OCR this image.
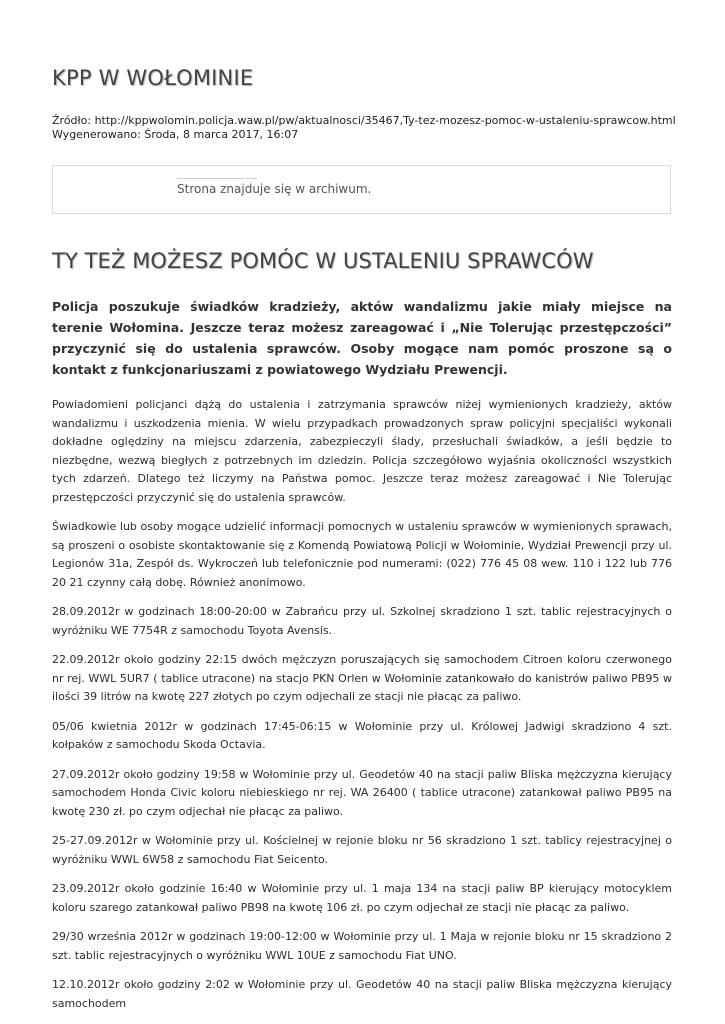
KPP W WOŁOMINIE
Źródło: http://kppwolomin.policja.waw.pl/pw/aktualnosci/35467,Ty-tez-mozesz-pomoc-w-ustaleniu-sprawcow.html
Wygenerowano: Środa, 8 marca 2017, 16:07
Strona znajduje się w archiwum.
TY TEŻ MOŻESZ POMÓC W USTALENIU SPRAWCÓW

Policja poszukuje świadków kradzieży, aktów wandalizmu jakie miały miejsce na terenie Wołomina. Jeszcze teraz możesz zareagować i „Nie Tolerując przestępczości” przyczynić się do ustalenia sprawców. Osoby mogące nam pomóc proszone są o kontakt z funkcjonariuszami z powiatowego Wydziału Prewencji.

Powiadomieni policjanci dążą do ustalenia i zatrzymania sprawców niżej wymienionych kradzieży, aktów wandalizmu i uszkodzenia mienia. W wielu przypadkach prowadzonych spraw policyjni specjaliści wykonali dokładne oględziny na miejscu zdarzenia, zabezpieczyli ślady, przesłuchali świadków, a jeśli będzie to niezbędne, wezwą biegłych z potrzebnych im dziedzin. Policja szczegółowo wyjaśnia okoliczności wszystkich tych zdarzeń. Dlatego też liczymy na Państwa pomoc. Jeszcze teraz możesz zareagować i Nie Tolerując przestępczości przyczynić się do ustalenia sprawców.

Świadkowie lub osoby mogące udzielić informacji pomocnych w ustaleniu sprawców w wymienionych sprawach, są proszeni o osobiste skontaktowanie się z Komendą Powiatową Policji w Wołominie, Wydział Prewencji przy ul. Legionów 31a, Zespół ds. Wykroczeń lub telefonicznie pod numerami: (022) 776 45 08 wew. 110 i 122 lub 776 20 21 czynny całą dobę. Również anonimowo.

28.09.2012r w godzinach 18:00-20:00 w Zabrańcu przy ul. Szkolnej skradziono 1 szt. tablic rejestracyjnych o wyróżniku WE 7754R z samochodu Toyota Avensis.

22.09.2012r około godziny 22:15 dwóch mężczyzn poruszających się samochodem Citroen koloru czerwonego nr rej. WWL 5UR7 ( tablice utracone) na stacjo PKN Orlen w Wołominie zatankowało do kanistrów paliwo PB95 w ilości 39 litrów na kwotę 227 złotych po czym odjechali ze stacji nie płacąc za paliwo.

05/06 kwietnia 2012r w godzinach 17:45-06:15 w Wołominie przy ul. Królowej Jadwigi skradziono 4 szt. kołpaków z samochodu Skoda Octavia.

27.09.2012r około godziny 19:58 w Wołominie przy ul. Geodetów 40 na stacji paliw Bliska mężczyzna kierujący samochodem Honda Civic koloru niebieskiego nr rej. WA 26400 ( tablice utracone) zatankował paliwo PB95 na kwotę 230 zł. po czym odjechał nie płacąc za paliwo.

25-27.09.2012r w Wołominie przy ul. Kościelnej w rejonie bloku nr 56 skradziono 1 szt. tablicy rejestracyjnej o wyróżniku WWL 6W58 z samochodu Fiat Seicento.

23.09.2012r około godzinie 16:40 w Wołominie przy ul. 1 maja 134 na stacji paliw BP kierujący motocyklem koloru szarego zatankował paliwo PB98 na kwotę 106 zł. po czym odjechał ze stacji nie płacąc za paliwo.

29/30 września 2012r w godzinach 19:00-12:00 w Wołominie przy ul. 1 Maja w rejonie bloku nr 15 skradziono 2 szt. tablic rejestracyjnych o wyróżniku WWL 10UE z samochodu Fiat UNO.

12.10.2012r około godziny 2:02 w Wołominie przy ul. Geodetów 40 na stacji paliw Bliska mężczyzna kierujący samochodem
